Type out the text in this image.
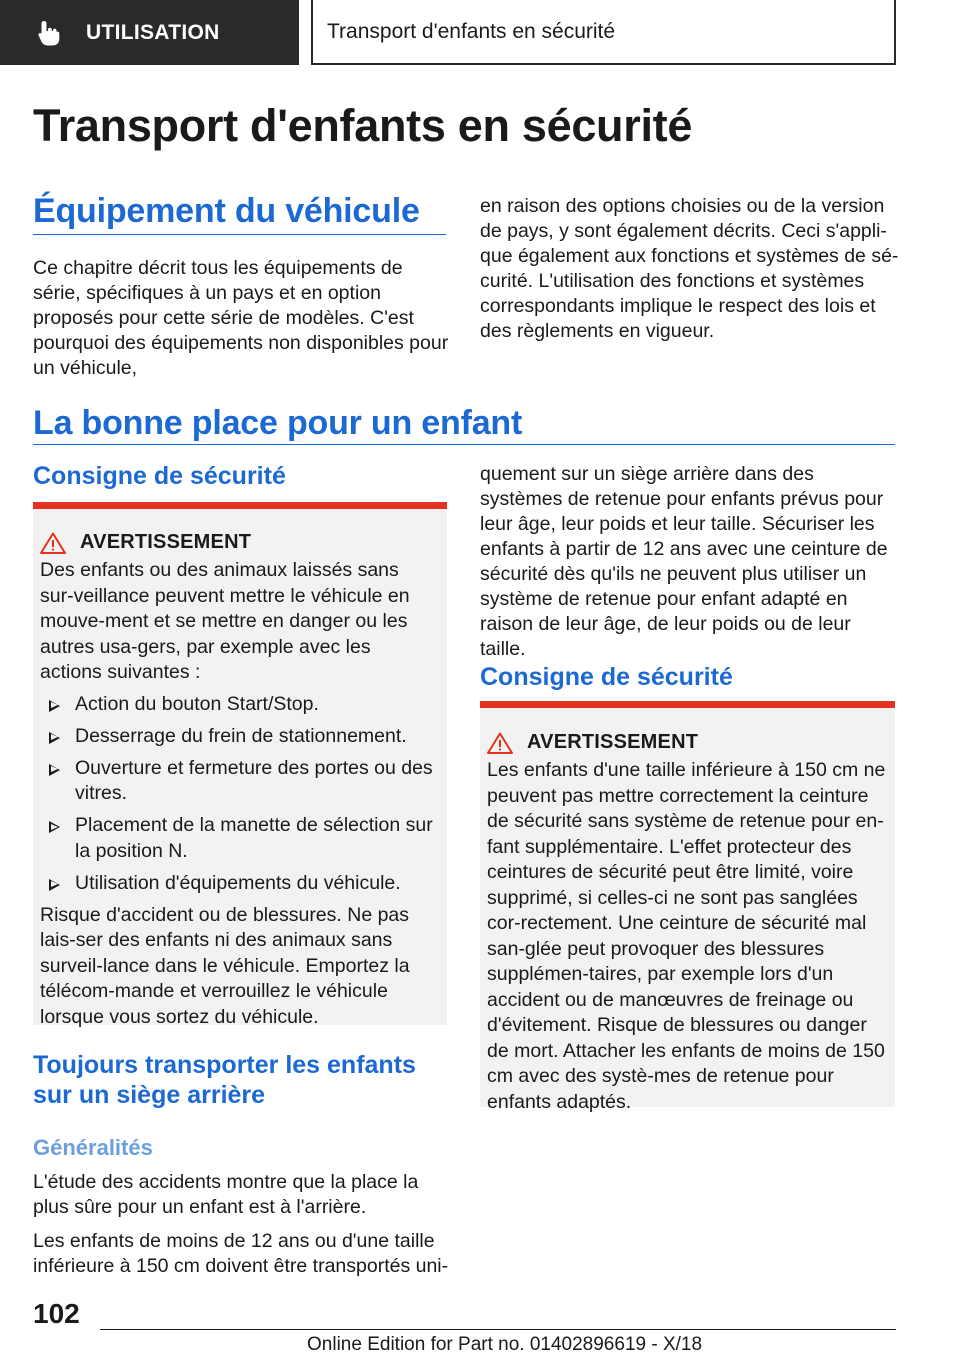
UTILISATION	Transport d'enfants en sécurité
Transport d'enfants en sécurité
Équipement du véhicule

Ce chapitre décrit tous les équipements de série, spécifiques à un pays et en option proposés pour cette série de modèles. C'est pourquoi des équipements non disponibles pour un véhicule,

en raison des options choisies ou de la version de pays, y sont également décrits. Ceci s'appli-que également aux fonctions et systèmes de sé-curité. L'utilisation des fonctions et systèmes correspondants implique le respect des lois et des règlements en vigueur.

La bonne place pour un enfant
Consigne de sécurité
AVERTISSEMENT

Des enfants ou des animaux laissés sans sur-veillance peuvent mettre le véhicule en mouve-ment et se mettre en danger ou les autres usa-gers, par exemple avec les actions suivantes :

Action du bouton Start/Stop.
Desserrage du frein de stationnement.
Ouverture et fermeture des portes ou des vitres.
Placement de la manette de sélection sur la position N.
Utilisation d'équipements du véhicule.

Risque d'accident ou de blessures. Ne pas lais-ser des enfants ni des animaux sans surveil-lance dans le véhicule. Emportez la télécom-mande et verrouillez le véhicule lorsque vous sortez du véhicule.

Toujours transporter les enfants sur un siège arrière
Généralités

L'étude des accidents montre que la place la plus sûre pour un enfant est à l'arrière.

Les enfants de moins de 12 ans ou d'une taille inférieure à 150 cm doivent être transportés uni-

quement sur un siège arrière dans des systèmes de retenue pour enfants prévus pour leur âge, leur poids et leur taille. Sécuriser les enfants à partir de 12 ans avec une ceinture de sécurité dès qu'ils ne peuvent plus utiliser un système de retenue pour enfant adapté en raison de leur âge, de leur poids ou de leur taille.

Consigne de sécurité
AVERTISSEMENT

Les enfants d'une taille inférieure à 150 cm ne peuvent pas mettre correctement la ceinture de sécurité sans système de retenue pour en-fant supplémentaire. L'effet protecteur des ceintures de sécurité peut être limité, voire supprimé, si celles-ci ne sont pas sanglées cor-rectement. Une ceinture de sécurité mal san-glée peut provoquer des blessures supplémen-taires, par exemple lors d'un accident ou de manœuvres de freinage ou d'évitement. Risque de blessures ou danger de mort. Attacher les enfants de moins de 150 cm avec des systè-mes de retenue pour enfants adaptés.

102
Online Edition for Part no. 01402896619 - X/18
